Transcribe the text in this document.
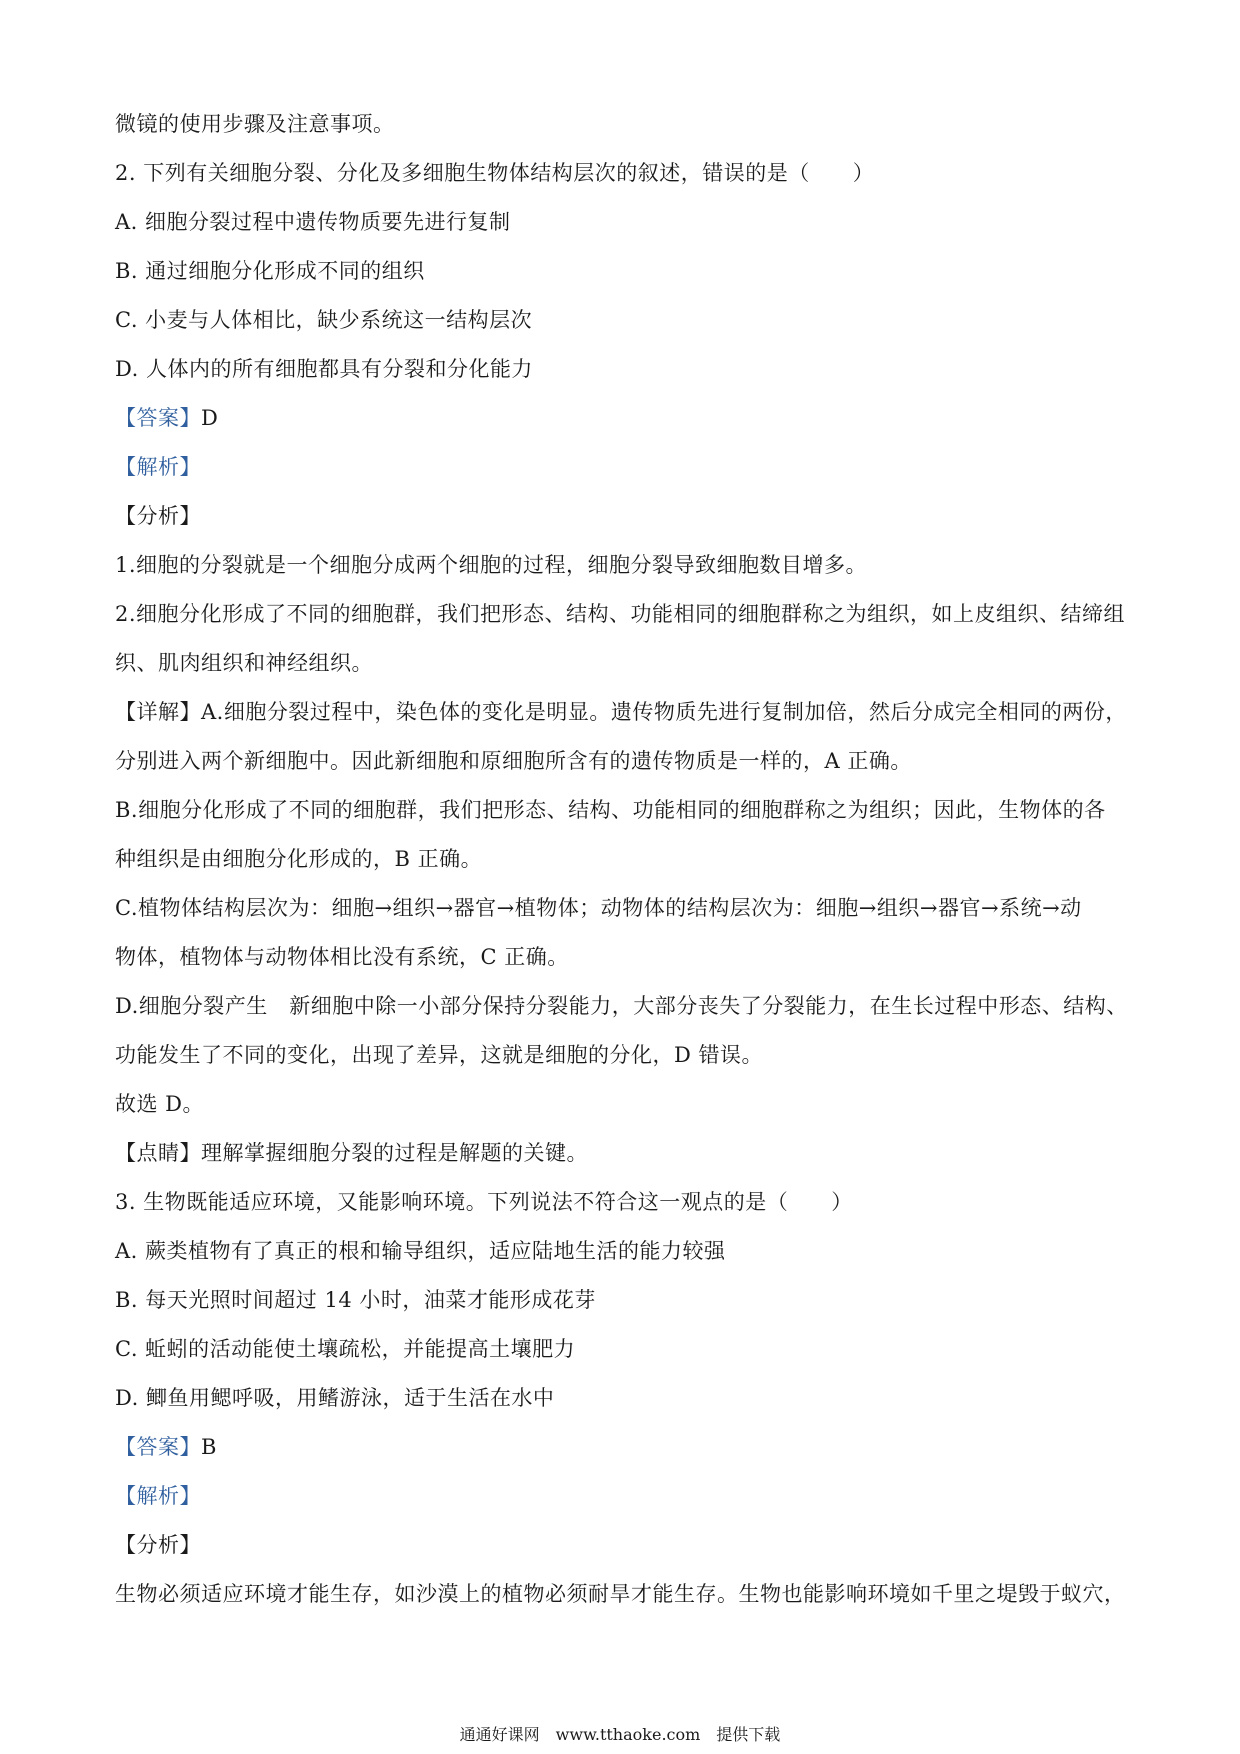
微镜的使用步骤及注意事项。
2. 下列有关细胞分裂、分化及多细胞生物体结构层次的叙述，错误的是（　　）
A. 细胞分裂过程中遗传物质要先进行复制
B. 通过细胞分化形成不同的组织
C. 小麦与人体相比，缺少系统这一结构层次
D. 人体内的所有细胞都具有分裂和分化能力
【答案】D
【解析】
【分析】
1.细胞的分裂就是一个细胞分成两个细胞的过程，细胞分裂导致细胞数目增多。
2.细胞分化形成了不同的细胞群，我们把形态、结构、功能相同的细胞群称之为组织，如上皮组织、结缔组
织、肌肉组织和神经组织。
【详解】A.细胞分裂过程中，染色体的变化是明显。遗传物质先进行复制加倍，然后分成完全相同的两份，
分别进入两个新细胞中。因此新细胞和原细胞所含有的遗传物质是一样的，A 正确。
B.细胞分化形成了不同的细胞群，我们把形态、结构、功能相同的细胞群称之为组织；因此，生物体的各
种组织是由细胞分化形成的，B 正确。
C.植物体结构层次为：细胞→组织→器官→植物体；动物体的结构层次为：细胞→组织→器官→系统→动
物体，植物体与动物体相比没有系统，C 正确。
D.细胞分裂产生　新细胞中除一小部分保持分裂能力，大部分丧失了分裂能力，在生长过程中形态、结构、
功能发生了不同的变化，出现了差异，这就是细胞的分化，D 错误。
故选 D。
【点睛】理解掌握细胞分裂的过程是解题的关键。
3. 生物既能适应环境，又能影响环境。下列说法不符合这一观点的是（　　）
A. 蕨类植物有了真正的根和输导组织，适应陆地生活的能力较强
B. 每天光照时间超过 14 小时，油菜才能形成花芽
C. 蚯蚓的活动能使土壤疏松，并能提高土壤肥力
D. 鲫鱼用鳃呼吸，用鳍游泳，适于生活在水中
【答案】B
【解析】
【分析】
生物必须适应环境才能生存，如沙漠上的植物必须耐旱才能生存。生物也能影响环境如千里之堤毁于蚁穴，
通通好课网　www.tthaoke.com　提供下载
